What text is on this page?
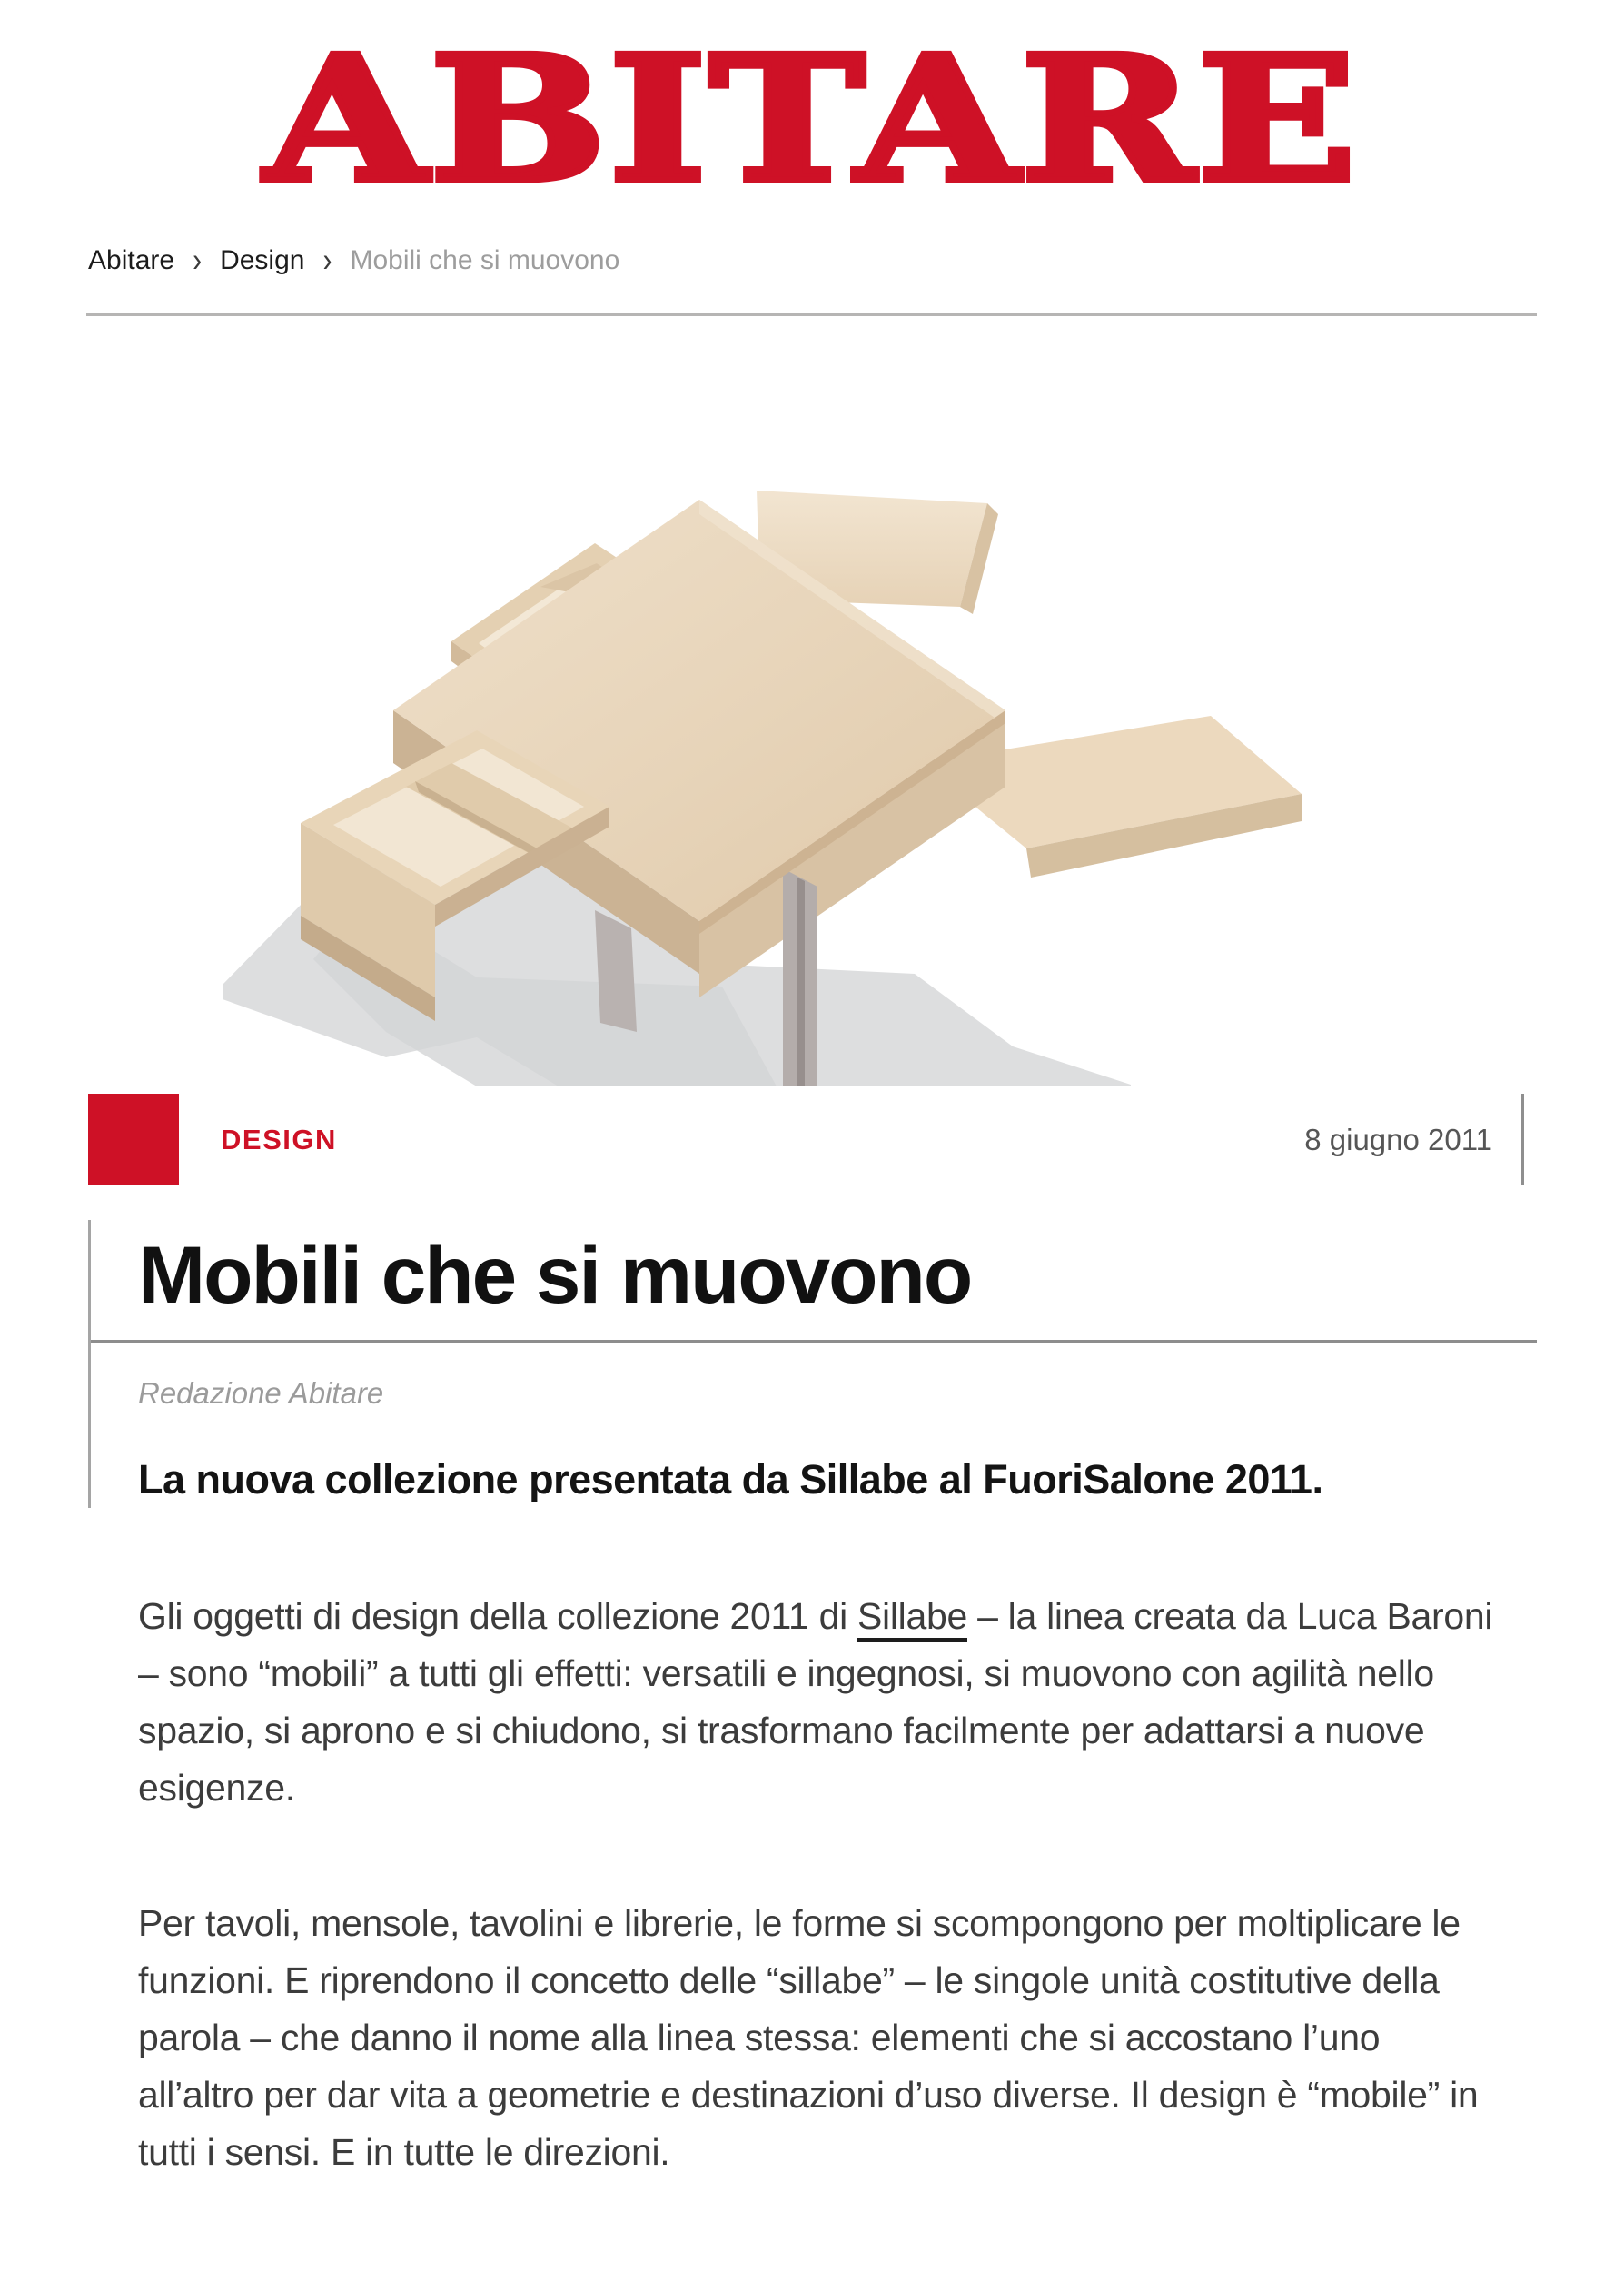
ABITARE
Abitare › Design › Mobili che si muovono
DESIGN	8 giugno 2011
Mobili che si muovono
Redazione Abitare
La nuova collezione presentata da Sillabe al FuoriSalone 2011.

Gli oggetti di design della collezione 2011 di Sillabe – la linea creata da Luca Baroni – sono “mobili” a tutti gli effetti: versatili e ingegnosi, si muovono con agilità nello spazio, si aprono e si chiudono, si trasformano facilmente per adattarsi a nuove esigenze.

Per tavoli, mensole, tavolini e librerie, le forme si scompongono per moltiplicare le funzioni. E riprendono il concetto delle “sillabe” – le singole unità costitutive della parola – che danno il nome alla linea stessa: elementi che si accostano l’uno all’altro per dar vita a geometrie e destinazioni d’uso diverse. Il design è “mobile” in tutti i sensi. E in tutte le direzioni.
